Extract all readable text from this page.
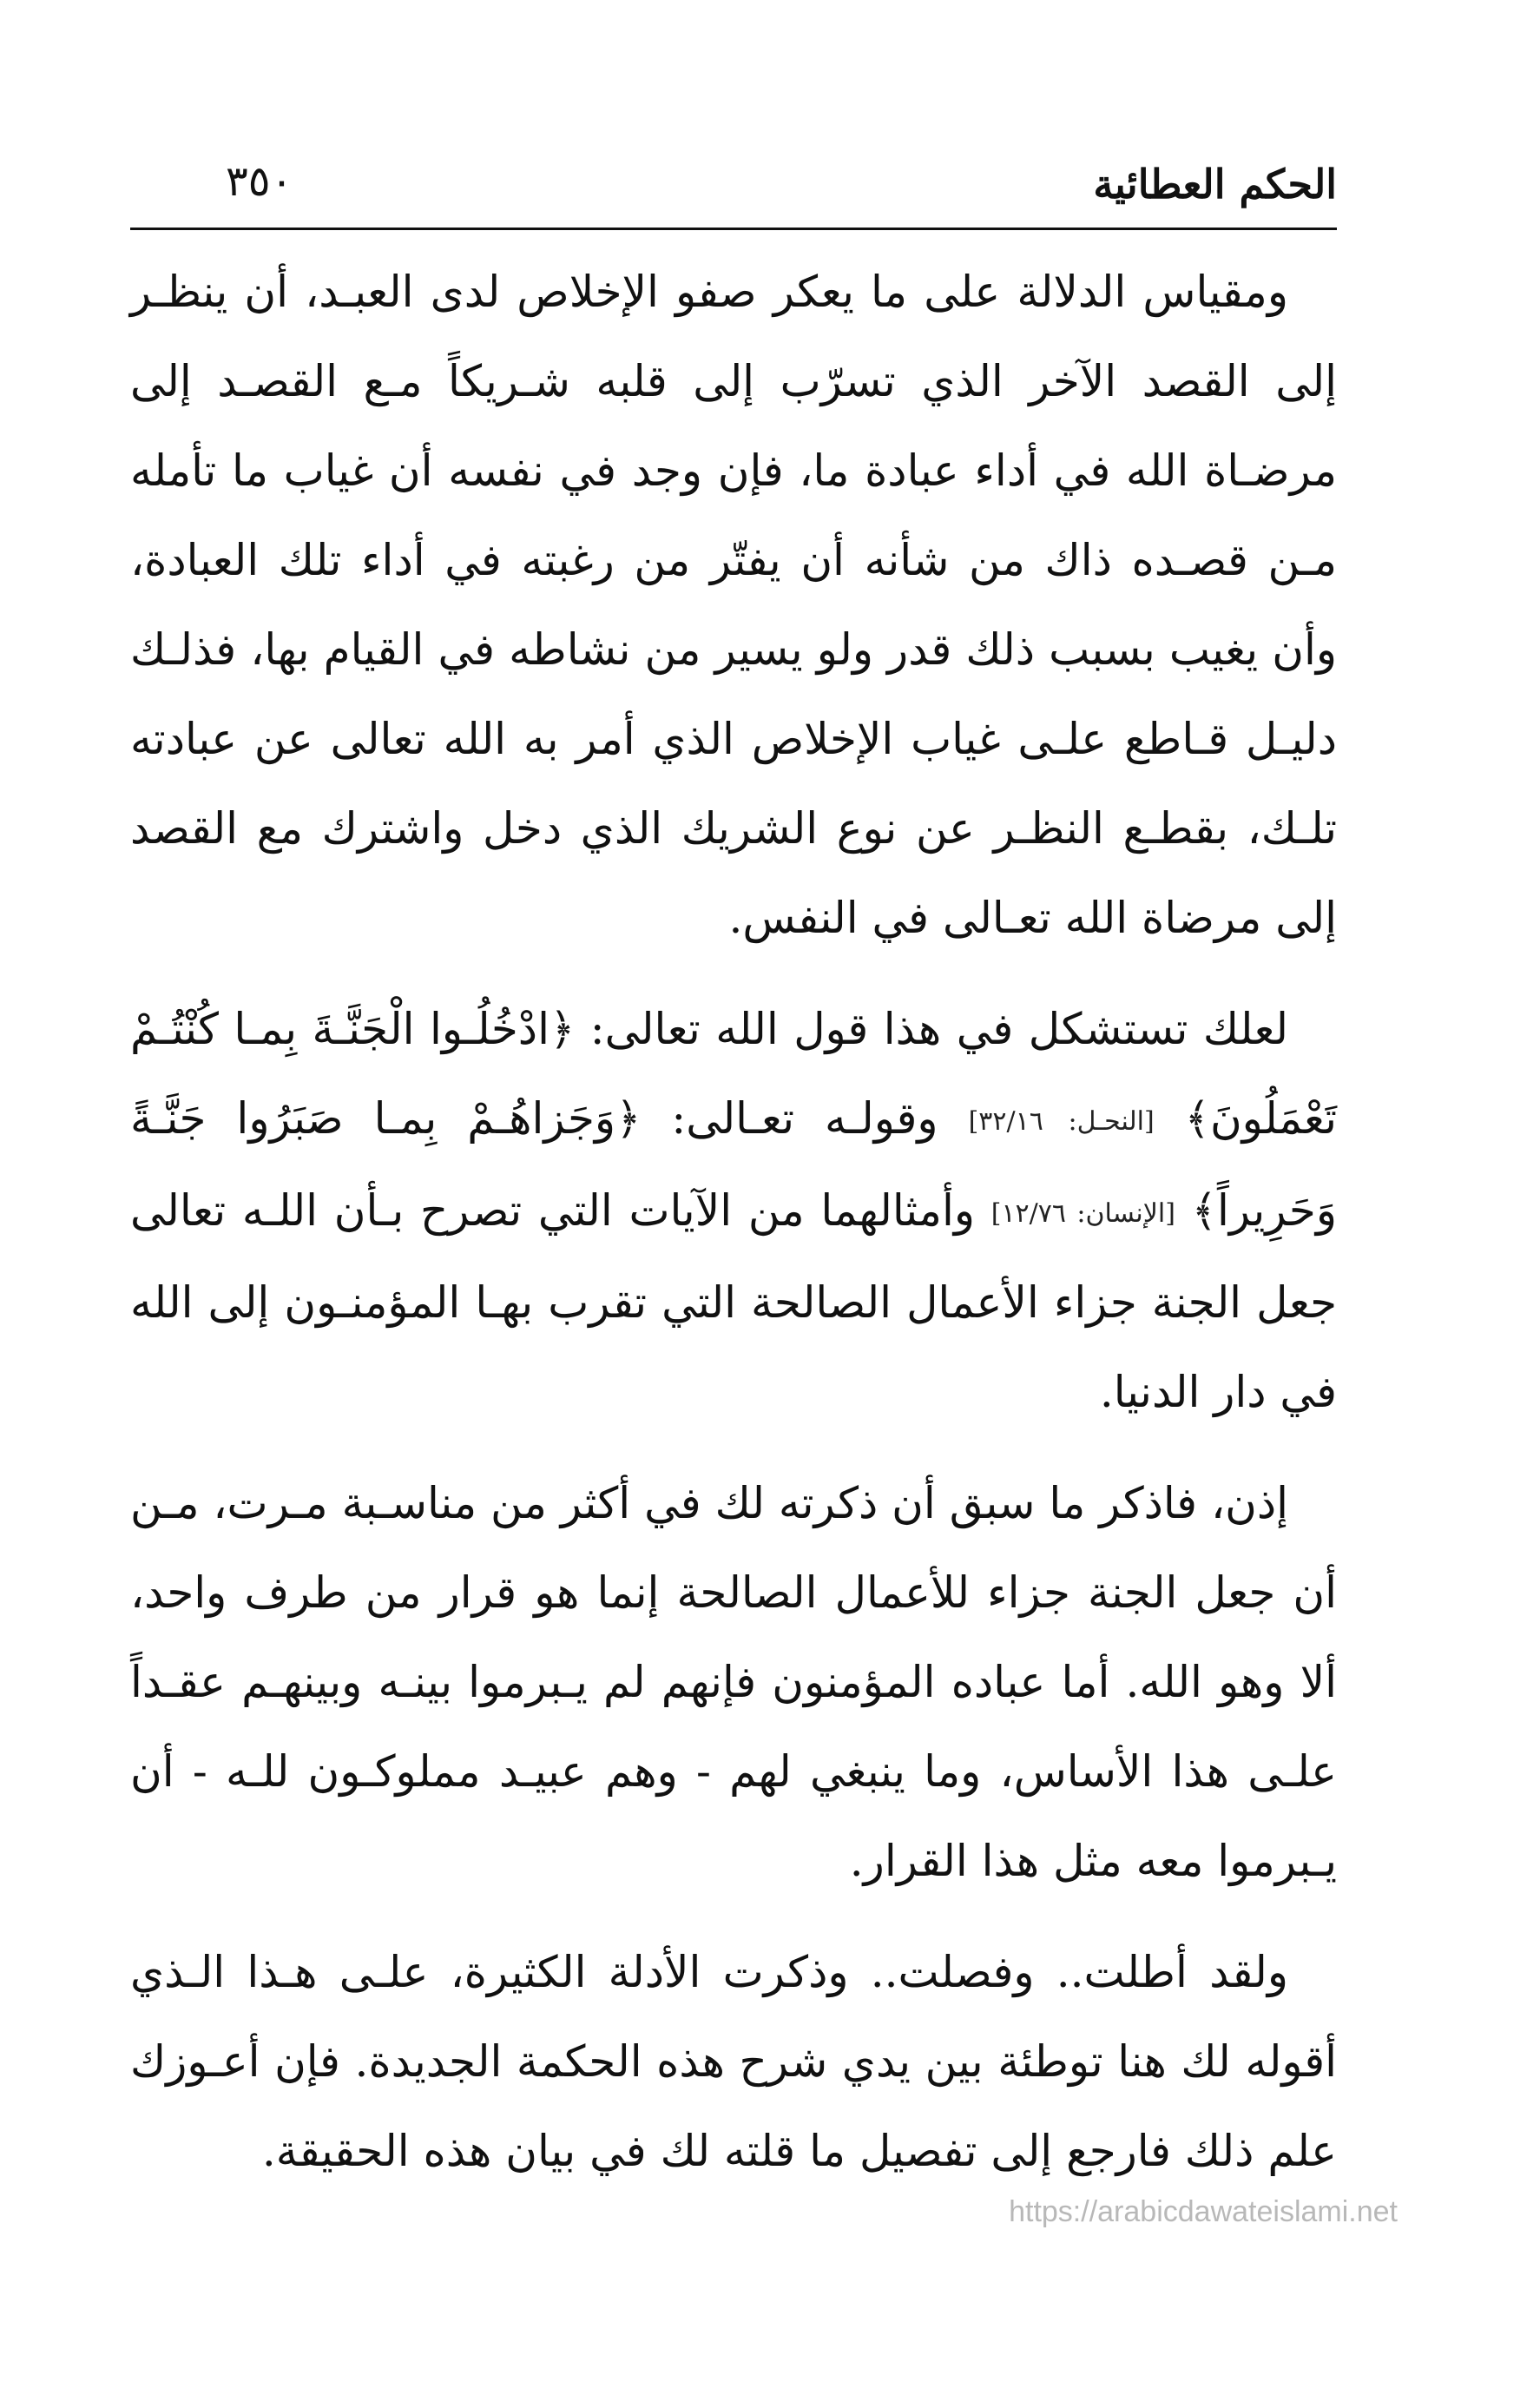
الحكم العطائية
٣٥٠

ومقياس الدلالة على ما يعكر صفو الإخلاص لدى العبـد، أن ينظـر إلى القصد الآخر الذي تسرّب إلى قلبه شـريكاً مـع القصـد إلى مرضـاة الله في أداء عبادة ما، فإن وجد في نفسه أن غياب ما تأمله مـن قصـده ذاك من شأنه أن يفتّر من رغبته في أداء تلك العبادة، وأن يغيب بسبب ذلك قدر ولو يسير من نشاطه في القيام بها، فذلـك دليـل قـاطع علـى غياب الإخلاص الذي أمر به الله تعالى عن عبادته تلـك، بقطـع النظـر عن نوع الشريك الذي دخل واشترك مع القصد إلى مرضاة الله تعـالى في النفس.

لعلك تستشكل في هذا قول الله تعالى: ﴿ادْخُلُـوا الْجَنَّـةَ بِمـا كُنْتُـمْ تَعْمَلُونَ﴾ [النحـل: ٣٢/١٦] وقولـه تعـالى: ﴿وَجَزاهُـمْ بِمـا صَبَرُوا جَنَّـةً وَحَرِيراً﴾ [الإنسان: ١٢/٧٦] وأمثالهما من الآيات التي تصرح بـأن اللـه تعالى جعل الجنة جزاء الأعمال الصالحة التي تقرب بهـا المؤمنـون إلى الله في دار الدنيا.

إذن، فاذكر ما سبق أن ذكرته لك في أكثر من مناسـبة مـرت، مـن أن جعل الجنة جزاء للأعمال الصالحة إنما هو قرار من طرف واحد، ألا وهو الله. أما عباده المؤمنون فإنهم لم يـبرموا بينـه وبينهـم عقـداً علـى هذا الأساس، وما ينبغي لهم - وهم عبيـد مملوكـون للـه - أن يـبرموا معه مثل هذا القرار.

ولقد أطلت.. وفصلت.. وذكرت الأدلة الكثيرة، علـى هـذا الـذي أقوله لك هنا توطئة بين يدي شرح هذه الحكمة الجديدة. فإن أعـوزك علم ذلك فارجع إلى تفصيل ما قلته لك في بيان هذه الحقيقة.

https://arabicdawateislami.net
